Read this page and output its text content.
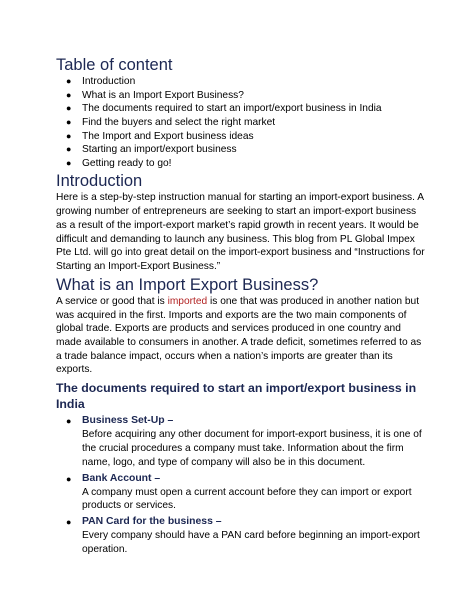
Table of content
● Introduction
● What is an Import Export Business?
● The documents required to start an import/export business in India
● Find the buyers and select the right market
● The Import and Export business ideas
● Starting an import/export business
● Getting ready to go!
Introduction

Here is a step-by-step instruction manual for starting an import-export business. A growing number of entrepreneurs are seeking to start an import-export business as a result of the import-export market’s rapid growth in recent years. It would be difficult and demanding to launch any business. This blog from PL Global Impex Pte Ltd. will go into great detail on the import-export business and “Instructions for Starting an Import-Export Business.”

What is an Import Export Business?

A service or good that is imported is one that was produced in another nation but was acquired in the first. Imports and exports are the two main components of global trade. Exports are products and services produced in one country and made available to consumers in another. A trade deficit, sometimes referred to as a trade balance impact, occurs when a nation’s imports are greater than its exports.

The documents required to start an import/export business in India
● Business Set-Up –
Before acquiring any other document for import-export business, it is one of the crucial procedures a company must take. Information about the firm name, logo, and type of company will also be in this document.
● Bank Account –
A company must open a current account before they can import or export products or services.
● PAN Card for the business –
Every company should have a PAN card before beginning an import-export operation.
